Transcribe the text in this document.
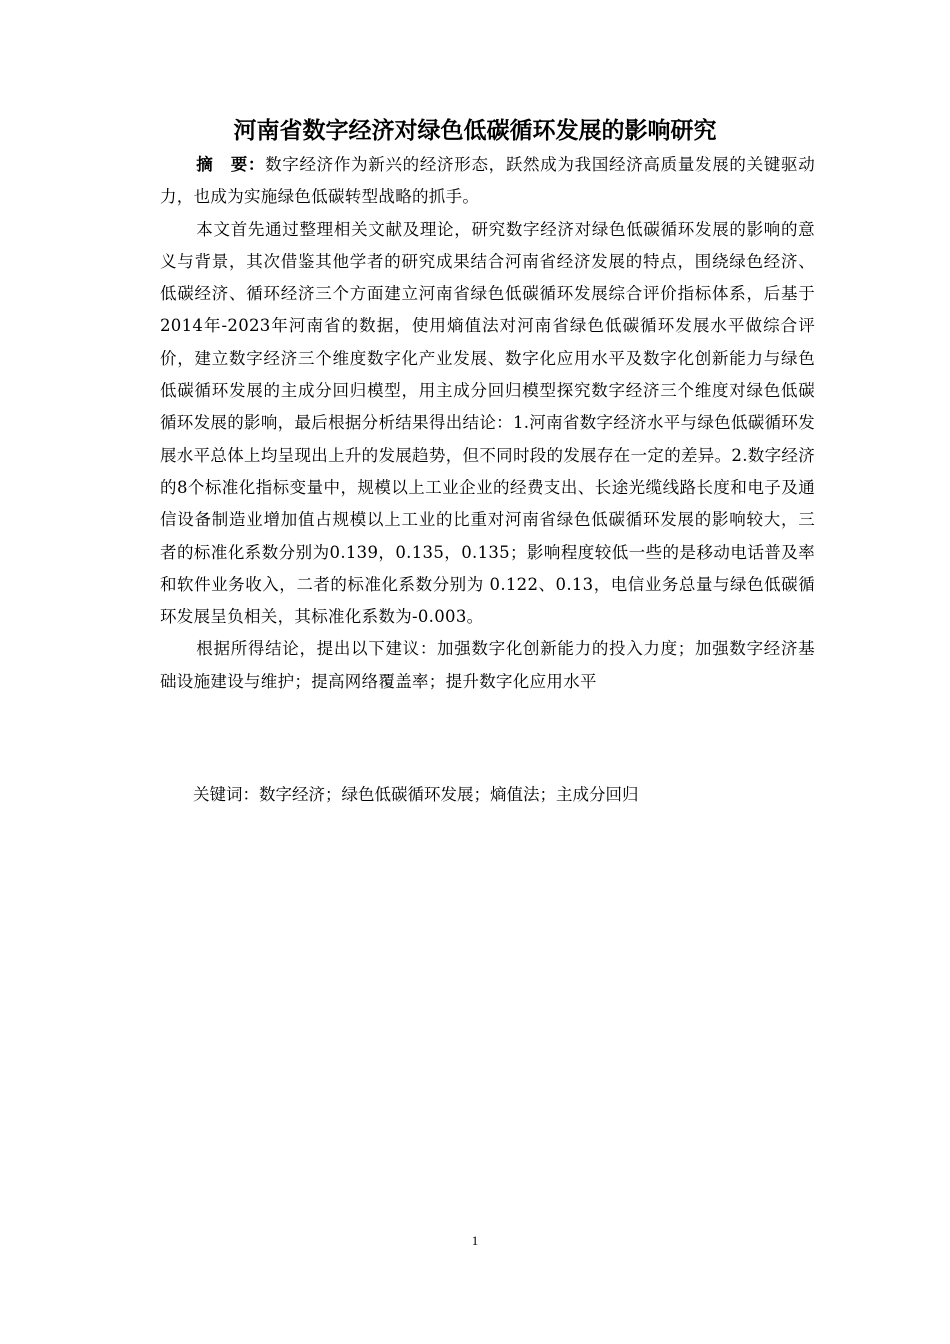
河南省数字经济对绿色低碳循环发展的影响研究

摘　要：数字经济作为新兴的经济形态，跃然成为我国经济高质量发展的关键驱动力，也成为实施绿色低碳转型战略的抓手。

本文首先通过整理相关文献及理论，研究数字经济对绿色低碳循环发展的影响的意义与背景，其次借鉴其他学者的研究成果结合河南省经济发展的特点，围绕绿色经济、低碳经济、循环经济三个方面建立河南省绿色低碳循环发展综合评价指标体系，后基于2014年-2023年河南省的数据，使用熵值法对河南省绿色低碳循环发展水平做综合评价，建立数字经济三个维度数字化产业发展、数字化应用水平及数字化创新能力与绿色低碳循环发展的主成分回归模型，用主成分回归模型探究数字经济三个维度对绿色低碳循环发展的影响，最后根据分析结果得出结论：1.河南省数字经济水平与绿色低碳循环发展水平总体上均呈现出上升的发展趋势，但不同时段的发展存在一定的差异。2.数字经济的8个标准化指标变量中，规模以上工业企业的经费支出、长途光缆线路长度和电子及通信设备制造业增加值占规模以上工业的比重对河南省绿色低碳循环发展的影响较大，三者的标准化系数分别为0.139，0.135，0.135；影响程度较低一些的是移动电话普及率和软件业务收入，二者的标准化系数分别为 0.122、0.13，电信业务总量与绿色低碳循环发展呈负相关，其标准化系数为-0.003。

根据所得结论，提出以下建议：加强数字化创新能力的投入力度；加强数字经济基础设施建设与维护；提高网络覆盖率；提升数字化应用水平

关键词：数字经济；绿色低碳循环发展；熵值法；主成分回归

1
